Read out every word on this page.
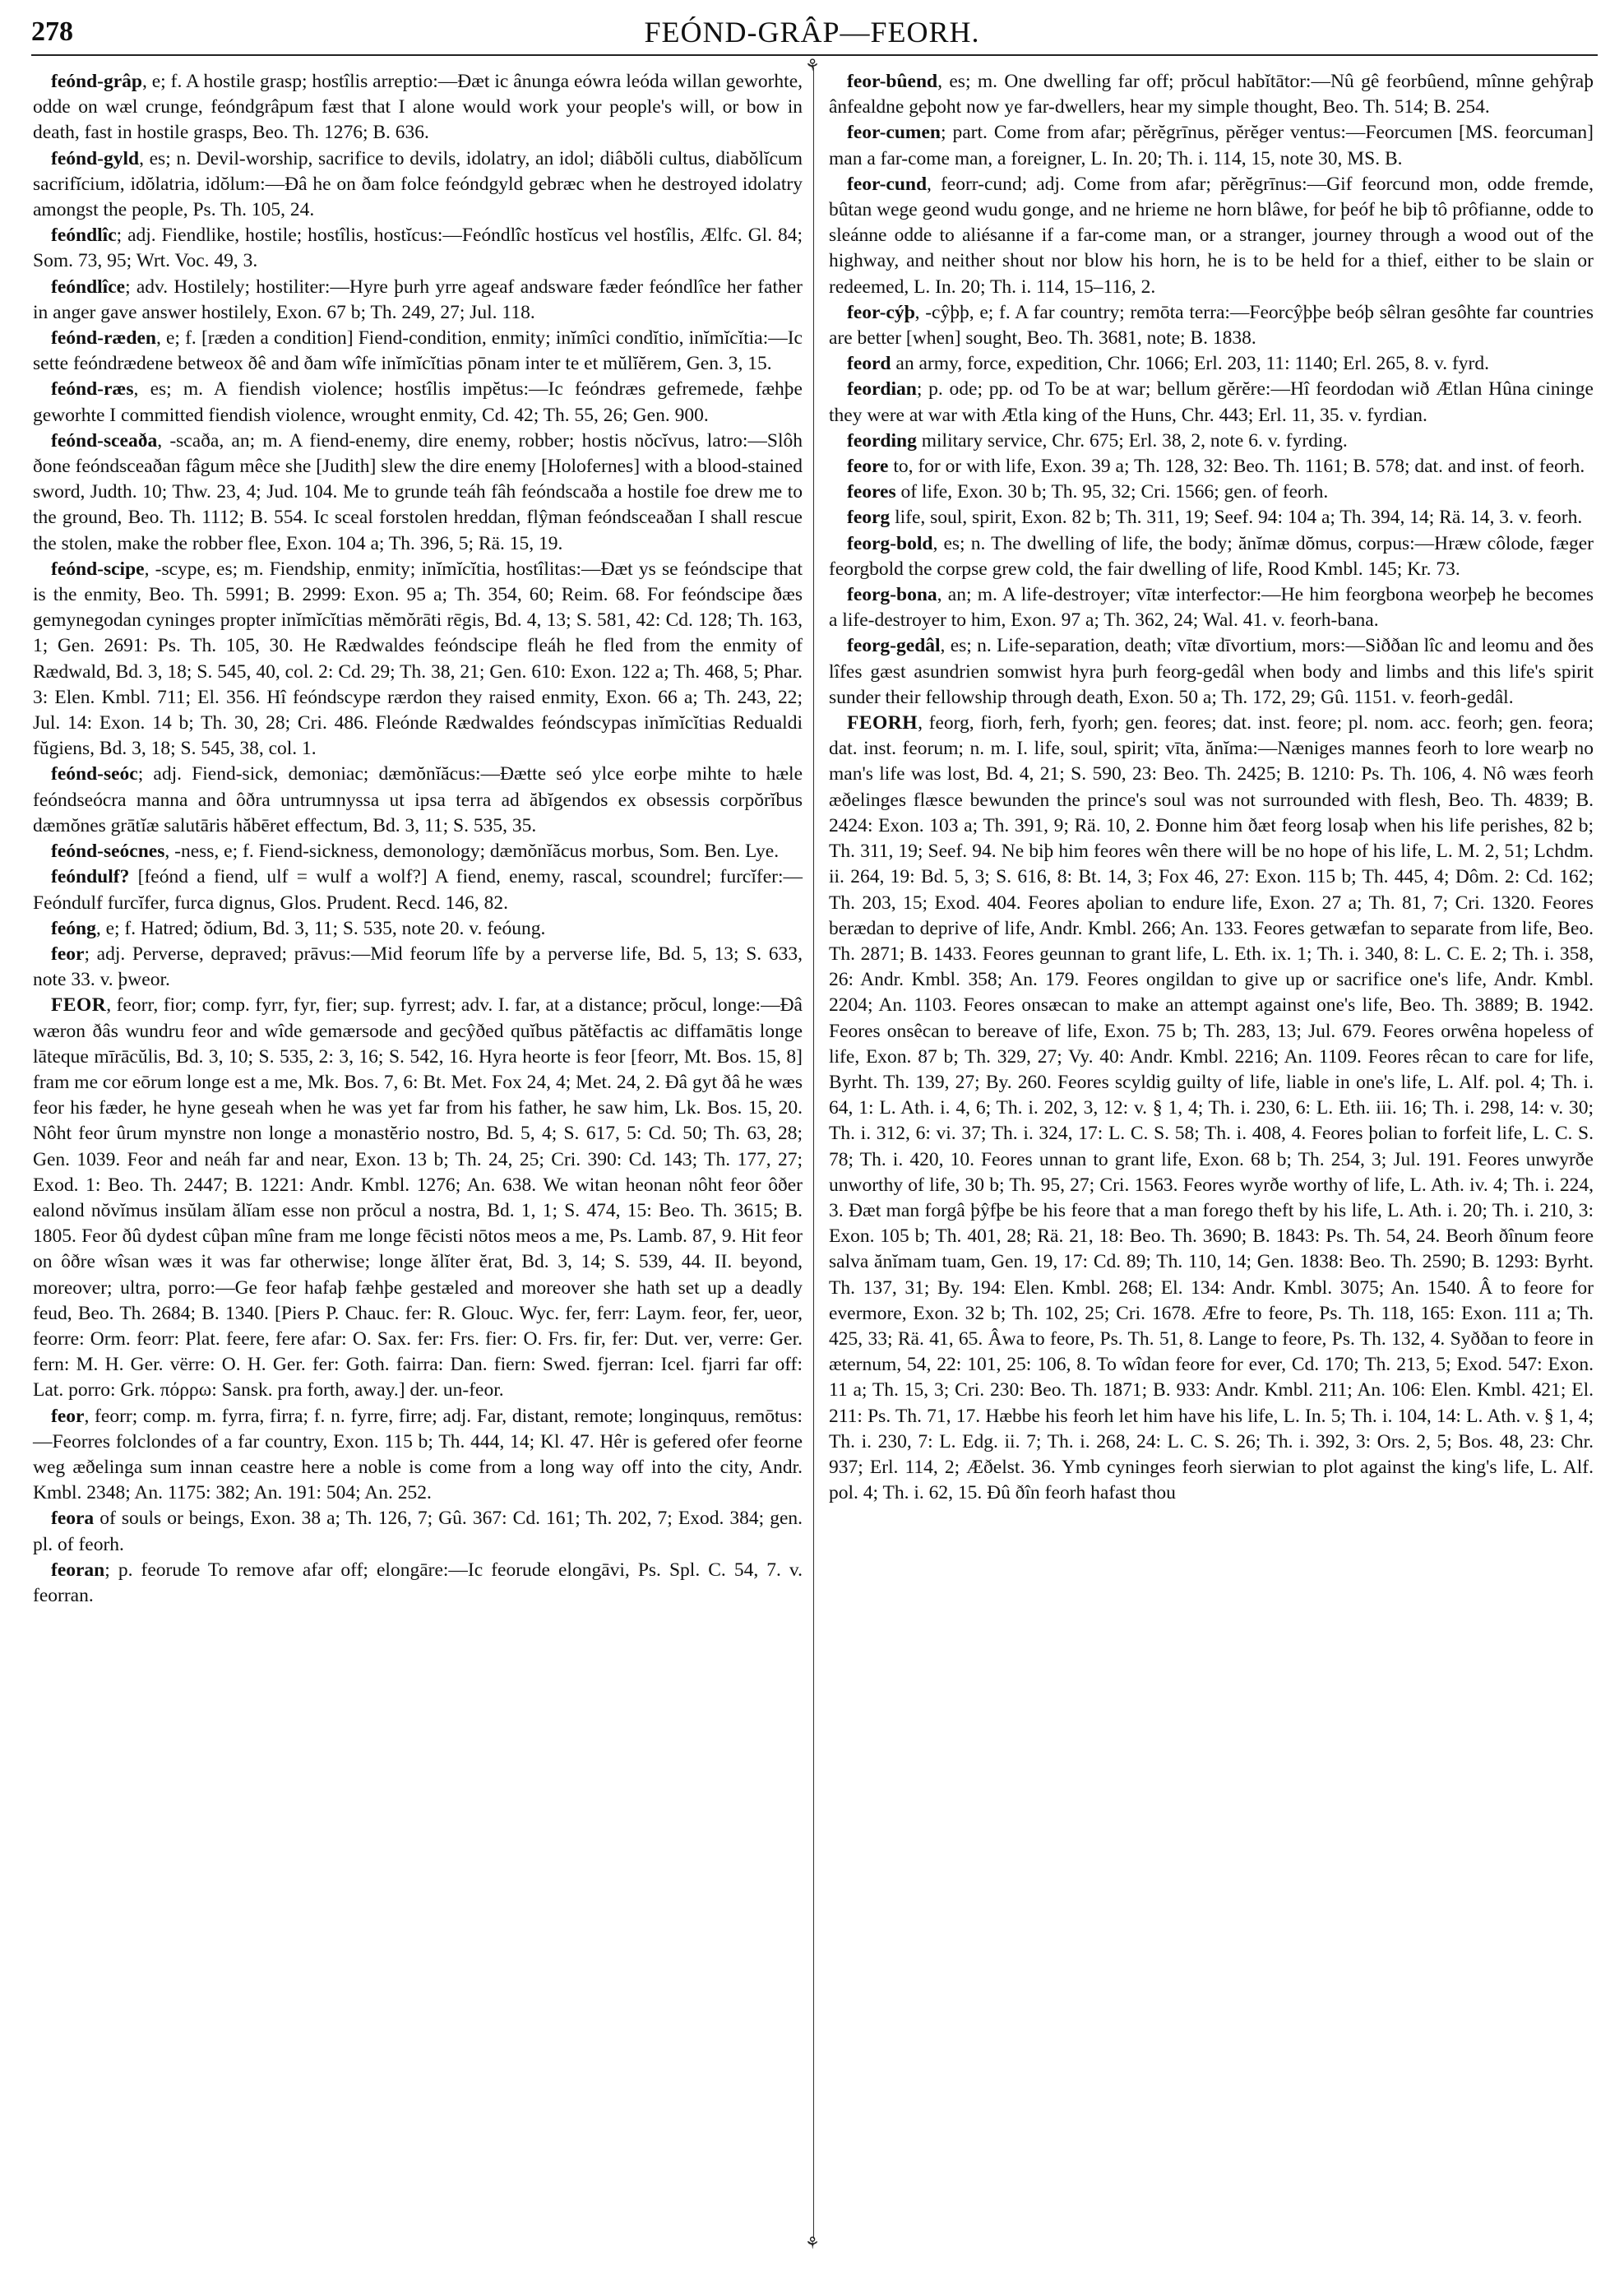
278	FEÓND-GRÂP—FEORH.
⚘
⚘

feónd-grâp, e; f. A hostile grasp; hostîlis arreptio:—Ðæt ic ânunga eówra leóda willan geworhte, odde on wæl crunge, feóndgrâpum fæst that I alone would work your people's will, or bow in death, fast in hostile grasps, Beo. Th. 1276; B. 636.

feónd-gyld, es; n. Devil-worship, sacrifice to devils, idolatry, an idol; diâbŏli cultus, diabŏlĭcum sacrifĭcium, idŏlatria, idŏlum:—Ðâ he on ðam folce feóndgyld gebræc when he destroyed idolatry amongst the people, Ps. Th. 105, 24.

feóndlîc; adj. Fiendlike, hostile; hostîlis, hostĭcus:—Feóndlîc hostĭcus vel hostîlis, Ælfc. Gl. 84; Som. 73, 95; Wrt. Voc. 49, 3.

feóndlîce; adv. Hostilely; hostiliter:—Hyre þurh yrre ageaf andsware fæder feóndlîce her father in anger gave answer hostilely, Exon. 67 b; Th. 249, 27; Jul. 118.

feónd-ræden, e; f. [ræden a condition] Fiend-condition, enmity; inĭmîci condĭtio, inĭmĭcĭtia:—Ic sette feóndrædene betweox ðê and ðam wîfe inĭmĭcĭtias pōnam inter te et mŭlĭĕrem, Gen. 3, 15.

feónd-ræs, es; m. A fiendish violence; hostîlis impĕtus:—Ic feóndræs gefremede, fæhþe geworhte I committed fiendish violence, wrought enmity, Cd. 42; Th. 55, 26; Gen. 900.

feónd-sceaða, -scaða, an; m. A fiend-enemy, dire enemy, robber; hostis nŏcĭvus, latro:—Slôh ðone feóndsceaðan fâgum mêce she [Judith] slew the dire enemy [Holofernes] with a blood-stained sword, Judth. 10; Thw. 23, 4; Jud. 104. Me to grunde teáh fâh feóndscaða a hostile foe drew me to the ground, Beo. Th. 1112; B. 554. Ic sceal forstolen hreddan, flŷman feóndsceaðan I shall rescue the stolen, make the robber flee, Exon. 104 a; Th. 396, 5; Rä. 15, 19.

feónd-scipe, -scype, es; m. Fiendship, enmity; inĭmĭcĭtia, hostîlitas:—Ðæt ys se feóndscipe that is the enmity, Beo. Th. 5991; B. 2999: Exon. 95 a; Th. 354, 60; Reim. 68. For feóndscipe ðæs gemynegodan cyninges propter inĭmĭcĭtias mĕmŏrāti rēgis, Bd. 4, 13; S. 581, 42: Cd. 128; Th. 163, 1; Gen. 2691: Ps. Th. 105, 30. He Rædwaldes feóndscipe fleáh he fled from the enmity of Rædwald, Bd. 3, 18; S. 545, 40, col. 2: Cd. 29; Th. 38, 21; Gen. 610: Exon. 122 a; Th. 468, 5; Phar. 3: Elen. Kmbl. 711; El. 356. Hî feóndscype rærdon they raised enmity, Exon. 66 a; Th. 243, 22; Jul. 14: Exon. 14 b; Th. 30, 28; Cri. 486. Fleónde Rædwaldes feóndscypas inĭmĭcĭtias Redualdi fŭgiens, Bd. 3, 18; S. 545, 38, col. 1.

feónd-seóc; adj. Fiend-sick, demoniac; dæmŏnĭăcus:—Ðætte seó ylce eorþe mihte to hæle feóndseócra manna and ôðra untrumnyssa ut ipsa terra ad ăbĭgendos ex obsessis corpŏrĭbus dæmŏnes grātĭæ salutāris hăbēret effectum, Bd. 3, 11; S. 535, 35.

feónd-seócnes, -ness, e; f. Fiend-sickness, demonology; dæmŏnĭăcus morbus, Som. Ben. Lye.

feóndulf? [feónd a fiend, ulf = wulf a wolf?] A fiend, enemy, rascal, scoundrel; furcĭfer:—Feóndulf furcĭfer, furca dignus, Glos. Prudent. Recd. 146, 82.

feóng, e; f. Hatred; ŏdium, Bd. 3, 11; S. 535, note 20. v. feóung.

feor; adj. Perverse, depraved; prāvus:—Mid feorum lîfe by a perverse life, Bd. 5, 13; S. 633, note 33. v. þweor.

FEOR, feorr, fior; comp. fyrr, fyr, fier; sup. fyrrest; adv. I. far, at a distance; prŏcul, longe:—Ðâ wæron ðâs wundru feor and wîde gemærsode and gecŷðed quĭbus pătĕfactis ac diffamātis longe lāteque mīrācŭlis, Bd. 3, 10; S. 535, 2: 3, 16; S. 542, 16. Hyra heorte is feor [feorr, Mt. Bos. 15, 8] fram me cor eōrum longe est a me, Mk. Bos. 7, 6: Bt. Met. Fox 24, 4; Met. 24, 2. Ðâ gyt ðâ he wæs feor his fæder, he hyne geseah when he was yet far from his father, he saw him, Lk. Bos. 15, 20. Nôht feor ûrum mynstre non longe a monastĕrio nostro, Bd. 5, 4; S. 617, 5: Cd. 50; Th. 63, 28; Gen. 1039. Feor and neáh far and near, Exon. 13 b; Th. 24, 25; Cri. 390: Cd. 143; Th. 177, 27; Exod. 1: Beo. Th. 2447; B. 1221: Andr. Kmbl. 1276; An. 638. We witan heonan nôht feor ôðer ealond nŏvĭmus insŭlam ălĭam esse non prŏcul a nostra, Bd. 1, 1; S. 474, 15: Beo. Th. 3615; B. 1805. Feor ðû dydest cûþan mîne fram me longe fēcisti nōtos meos a me, Ps. Lamb. 87, 9. Hit feor on ôðre wîsan wæs it was far otherwise; longe ălĭter ĕrat, Bd. 3, 14; S. 539, 44. II. beyond, moreover; ultra, porro:—Ge feor hafaþ fæhþe gestæled and moreover she hath set up a deadly feud, Beo. Th. 2684; B. 1340. [Piers P. Chauc. fer: R. Glouc. Wyc. fer, ferr: Laym. feor, fer, ueor, feorre: Orm. feorr: Plat. feere, fere afar: O. Sax. fer: Frs. fier: O. Frs. fir, fer: Dut. ver, verre: Ger. fern: M. H. Ger. vërre: O. H. Ger. fer: Goth. fairra: Dan. fiern: Swed. fjerran: Icel. fjarri far off: Lat. porro: Grk. πόρρω: Sansk. pra forth, away.] der. un-feor.

feor, feorr; comp. m. fyrra, firra; f. n. fyrre, firre; adj. Far, distant, remote; longinquus, remōtus:—Feorres folclondes of a far country, Exon. 115 b; Th. 444, 14; Kl. 47. Hêr is gefered ofer feorne weg æðelinga sum innan ceastre here a noble is come from a long way off into the city, Andr. Kmbl. 2348; An. 1175: 382; An. 191: 504; An. 252.

feora of souls or beings, Exon. 38 a; Th. 126, 7; Gû. 367: Cd. 161; Th. 202, 7; Exod. 384; gen. pl. of feorh.

feoran; p. feorude To remove afar off; elongāre:—Ic feorude elongāvi, Ps. Spl. C. 54, 7. v. feorran.

feor-bûend, es; m. One dwelling far off; prŏcul habĭtātor:—Nû gê feorbûend, mînne gehŷraþ ânfealdne geþoht now ye far-dwellers, hear my simple thought, Beo. Th. 514; B. 254.

feor-cumen; part. Come from afar; pĕrĕgrīnus, pĕrĕger ventus:—Feorcumen [MS. feorcuman] man a far-come man, a foreigner, L. In. 20; Th. i. 114, 15, note 30, MS. B.

feor-cund, feorr-cund; adj. Come from afar; pĕrĕgrīnus:—Gif feorcund mon, odde fremde, bûtan wege geond wudu gonge, and ne hrieme ne horn blâwe, for þeóf he biþ tô prôfianne, odde to sleánne odde to aliésanne if a far-come man, or a stranger, journey through a wood out of the highway, and neither shout nor blow his horn, he is to be held for a thief, either to be slain or redeemed, L. In. 20; Th. i. 114, 15–116, 2.

feor-cýþ, -cŷþþ, e; f. A far country; remōta terra:—Feorcŷþþe beóþ sêlran gesôhte far countries are better [when] sought, Beo. Th. 3681, note; B. 1838.

feord an army, force, expedition, Chr. 1066; Erl. 203, 11: 1140; Erl. 265, 8. v. fyrd.

feordian; p. ode; pp. od To be at war; bellum gĕrĕre:—Hî feordodan wið Ætlan Hûna cininge they were at war with Ætla king of the Huns, Chr. 443; Erl. 11, 35. v. fyrdian.

feording military service, Chr. 675; Erl. 38, 2, note 6. v. fyrding.

feore to, for or with life, Exon. 39 a; Th. 128, 32: Beo. Th. 1161; B. 578; dat. and inst. of feorh.

feores of life, Exon. 30 b; Th. 95, 32; Cri. 1566; gen. of feorh.

feorg life, soul, spirit, Exon. 82 b; Th. 311, 19; Seef. 94: 104 a; Th. 394, 14; Rä. 14, 3. v. feorh.

feorg-bold, es; n. The dwelling of life, the body; ănĭmæ dŏmus, corpus:—Hræw côlode, fæger feorgbold the corpse grew cold, the fair dwelling of life, Rood Kmbl. 145; Kr. 73.

feorg-bona, an; m. A life-destroyer; vītæ interfector:—He him feorgbona weorþeþ he becomes a life-destroyer to him, Exon. 97 a; Th. 362, 24; Wal. 41. v. feorh-bana.

feorg-gedâl, es; n. Life-separation, death; vītæ dīvortium, mors:—Siððan lîc and leomu and ðes lîfes gæst asundrien somwist hyra þurh feorg-gedâl when body and limbs and this life's spirit sunder their fellowship through death, Exon. 50 a; Th. 172, 29; Gû. 1151. v. feorh-gedâl.

FEORH, feorg, fiorh, ferh, fyorh; gen. feores; dat. inst. feore; pl. nom. acc. feorh; gen. feora; dat. inst. feorum; n. m. I. life, soul, spirit; vīta, ănĭma:—Næniges mannes feorh to lore wearþ no man's life was lost, Bd. 4, 21; S. 590, 23: Beo. Th. 2425; B. 1210: Ps. Th. 106, 4. Nô wæs feorh æðelinges flæsce bewunden the prince's soul was not surrounded with flesh, Beo. Th. 4839; B. 2424: Exon. 103 a; Th. 391, 9; Rä. 10, 2. Ðonne him ðæt feorg losaþ when his life perishes, 82 b; Th. 311, 19; Seef. 94. Ne biþ him feores wên there will be no hope of his life, L. M. 2, 51; Lchdm. ii. 264, 19: Bd. 5, 3; S. 616, 8: Bt. 14, 3; Fox 46, 27: Exon. 115 b; Th. 445, 4; Dôm. 2: Cd. 162; Th. 203, 15; Exod. 404. Feores aþolian to endure life, Exon. 27 a; Th. 81, 7; Cri. 1320. Feores berædan to deprive of life, Andr. Kmbl. 266; An. 133. Feores getwæfan to separate from life, Beo. Th. 2871; B. 1433. Feores geunnan to grant life, L. Eth. ix. 1; Th. i. 340, 8: L. C. E. 2; Th. i. 358, 26: Andr. Kmbl. 358; An. 179. Feores ongildan to give up or sacrifice one's life, Andr. Kmbl. 2204; An. 1103. Feores onsæcan to make an attempt against one's life, Beo. Th. 3889; B. 1942. Feores onsêcan to bereave of life, Exon. 75 b; Th. 283, 13; Jul. 679. Feores orwêna hopeless of life, Exon. 87 b; Th. 329, 27; Vy. 40: Andr. Kmbl. 2216; An. 1109. Feores rêcan to care for life, Byrht. Th. 139, 27; By. 260. Feores scyldig guilty of life, liable in one's life, L. Alf. pol. 4; Th. i. 64, 1: L. Ath. i. 4, 6; Th. i. 202, 3, 12: v. § 1, 4; Th. i. 230, 6: L. Eth. iii. 16; Th. i. 298, 14: v. 30; Th. i. 312, 6: vi. 37; Th. i. 324, 17: L. C. S. 58; Th. i. 408, 4. Feores þolian to forfeit life, L. C. S. 78; Th. i. 420, 10. Feores unnan to grant life, Exon. 68 b; Th. 254, 3; Jul. 191. Feores unwyrðe unworthy of life, 30 b; Th. 95, 27; Cri. 1563. Feores wyrðe worthy of life, L. Ath. iv. 4; Th. i. 224, 3. Ðæt man forgâ þŷfþe be his feore that a man forego theft by his life, L. Ath. i. 20; Th. i. 210, 3: Exon. 105 b; Th. 401, 28; Rä. 21, 18: Beo. Th. 3690; B. 1843: Ps. Th. 54, 24. Beorh ðînum feore salva ănĭmam tuam, Gen. 19, 17: Cd. 89; Th. 110, 14; Gen. 1838: Beo. Th. 2590; B. 1293: Byrht. Th. 137, 31; By. 194: Elen. Kmbl. 268; El. 134: Andr. Kmbl. 3075; An. 1540. Â to feore for evermore, Exon. 32 b; Th. 102, 25; Cri. 1678. Æfre to feore, Ps. Th. 118, 165: Exon. 111 a; Th. 425, 33; Rä. 41, 65. Âwa to feore, Ps. Th. 51, 8. Lange to feore, Ps. Th. 132, 4. Syððan to feore in æternum, 54, 22: 101, 25: 106, 8. To wîdan feore for ever, Cd. 170; Th. 213, 5; Exod. 547: Exon. 11 a; Th. 15, 3; Cri. 230: Beo. Th. 1871; B. 933: Andr. Kmbl. 211; An. 106: Elen. Kmbl. 421; El. 211: Ps. Th. 71, 17. Hæbbe his feorh let him have his life, L. In. 5; Th. i. 104, 14: L. Ath. v. § 1, 4; Th. i. 230, 7: L. Edg. ii. 7; Th. i. 268, 24: L. C. S. 26; Th. i. 392, 3: Ors. 2, 5; Bos. 48, 23: Chr. 937; Erl. 114, 2; Æðelst. 36. Ymb cyninges feorh sierwian to plot against the king's life, L. Alf. pol. 4; Th. i. 62, 15. Ðû ðîn feorh hafast thou
